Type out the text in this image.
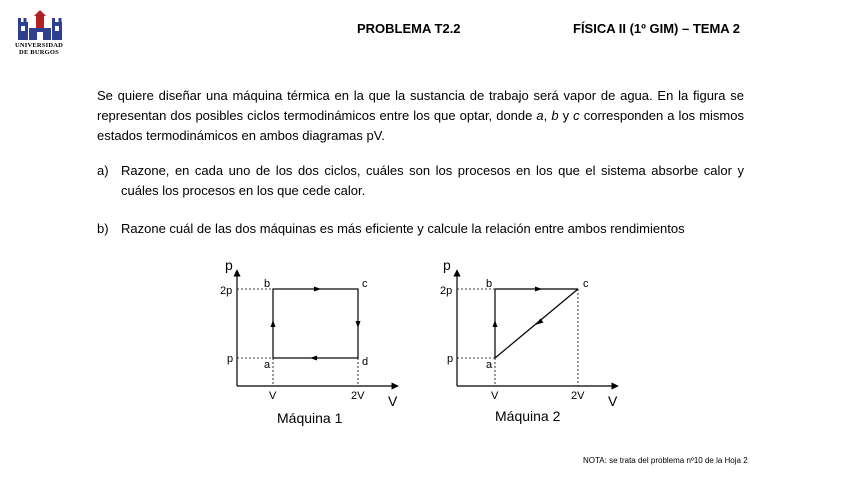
UNIVERSIDAD
DE BURGOS
PROBLEMA T2.2	FÍSICA II (1º GIM) – TEMA 2
Se quiere diseñar una máquina térmica en la que la sustancia de trabajo será vapor de agua. En la figura se representan dos posibles ciclos termodinámicos entre los que optar, donde a, b y c corresponden a los mismos estados termodinámicos en ambos diagramas pV.
a) Razone, en cada uno de los dos ciclos, cuáles son los procesos en los que el sistema absorbe calor y cuáles los procesos en los que cede calor.
b) Razone cuál de las dos máquinas es más eficiente y calcule la relación entre ambos rendimientos
p
V
2p
p
V	2V
a
b	c
d
Máquina 1
p
V
2p
p
V	2V
a
b	c
Máquina 2
NOTA: se trata del problema nº10 de la Hoja 2
